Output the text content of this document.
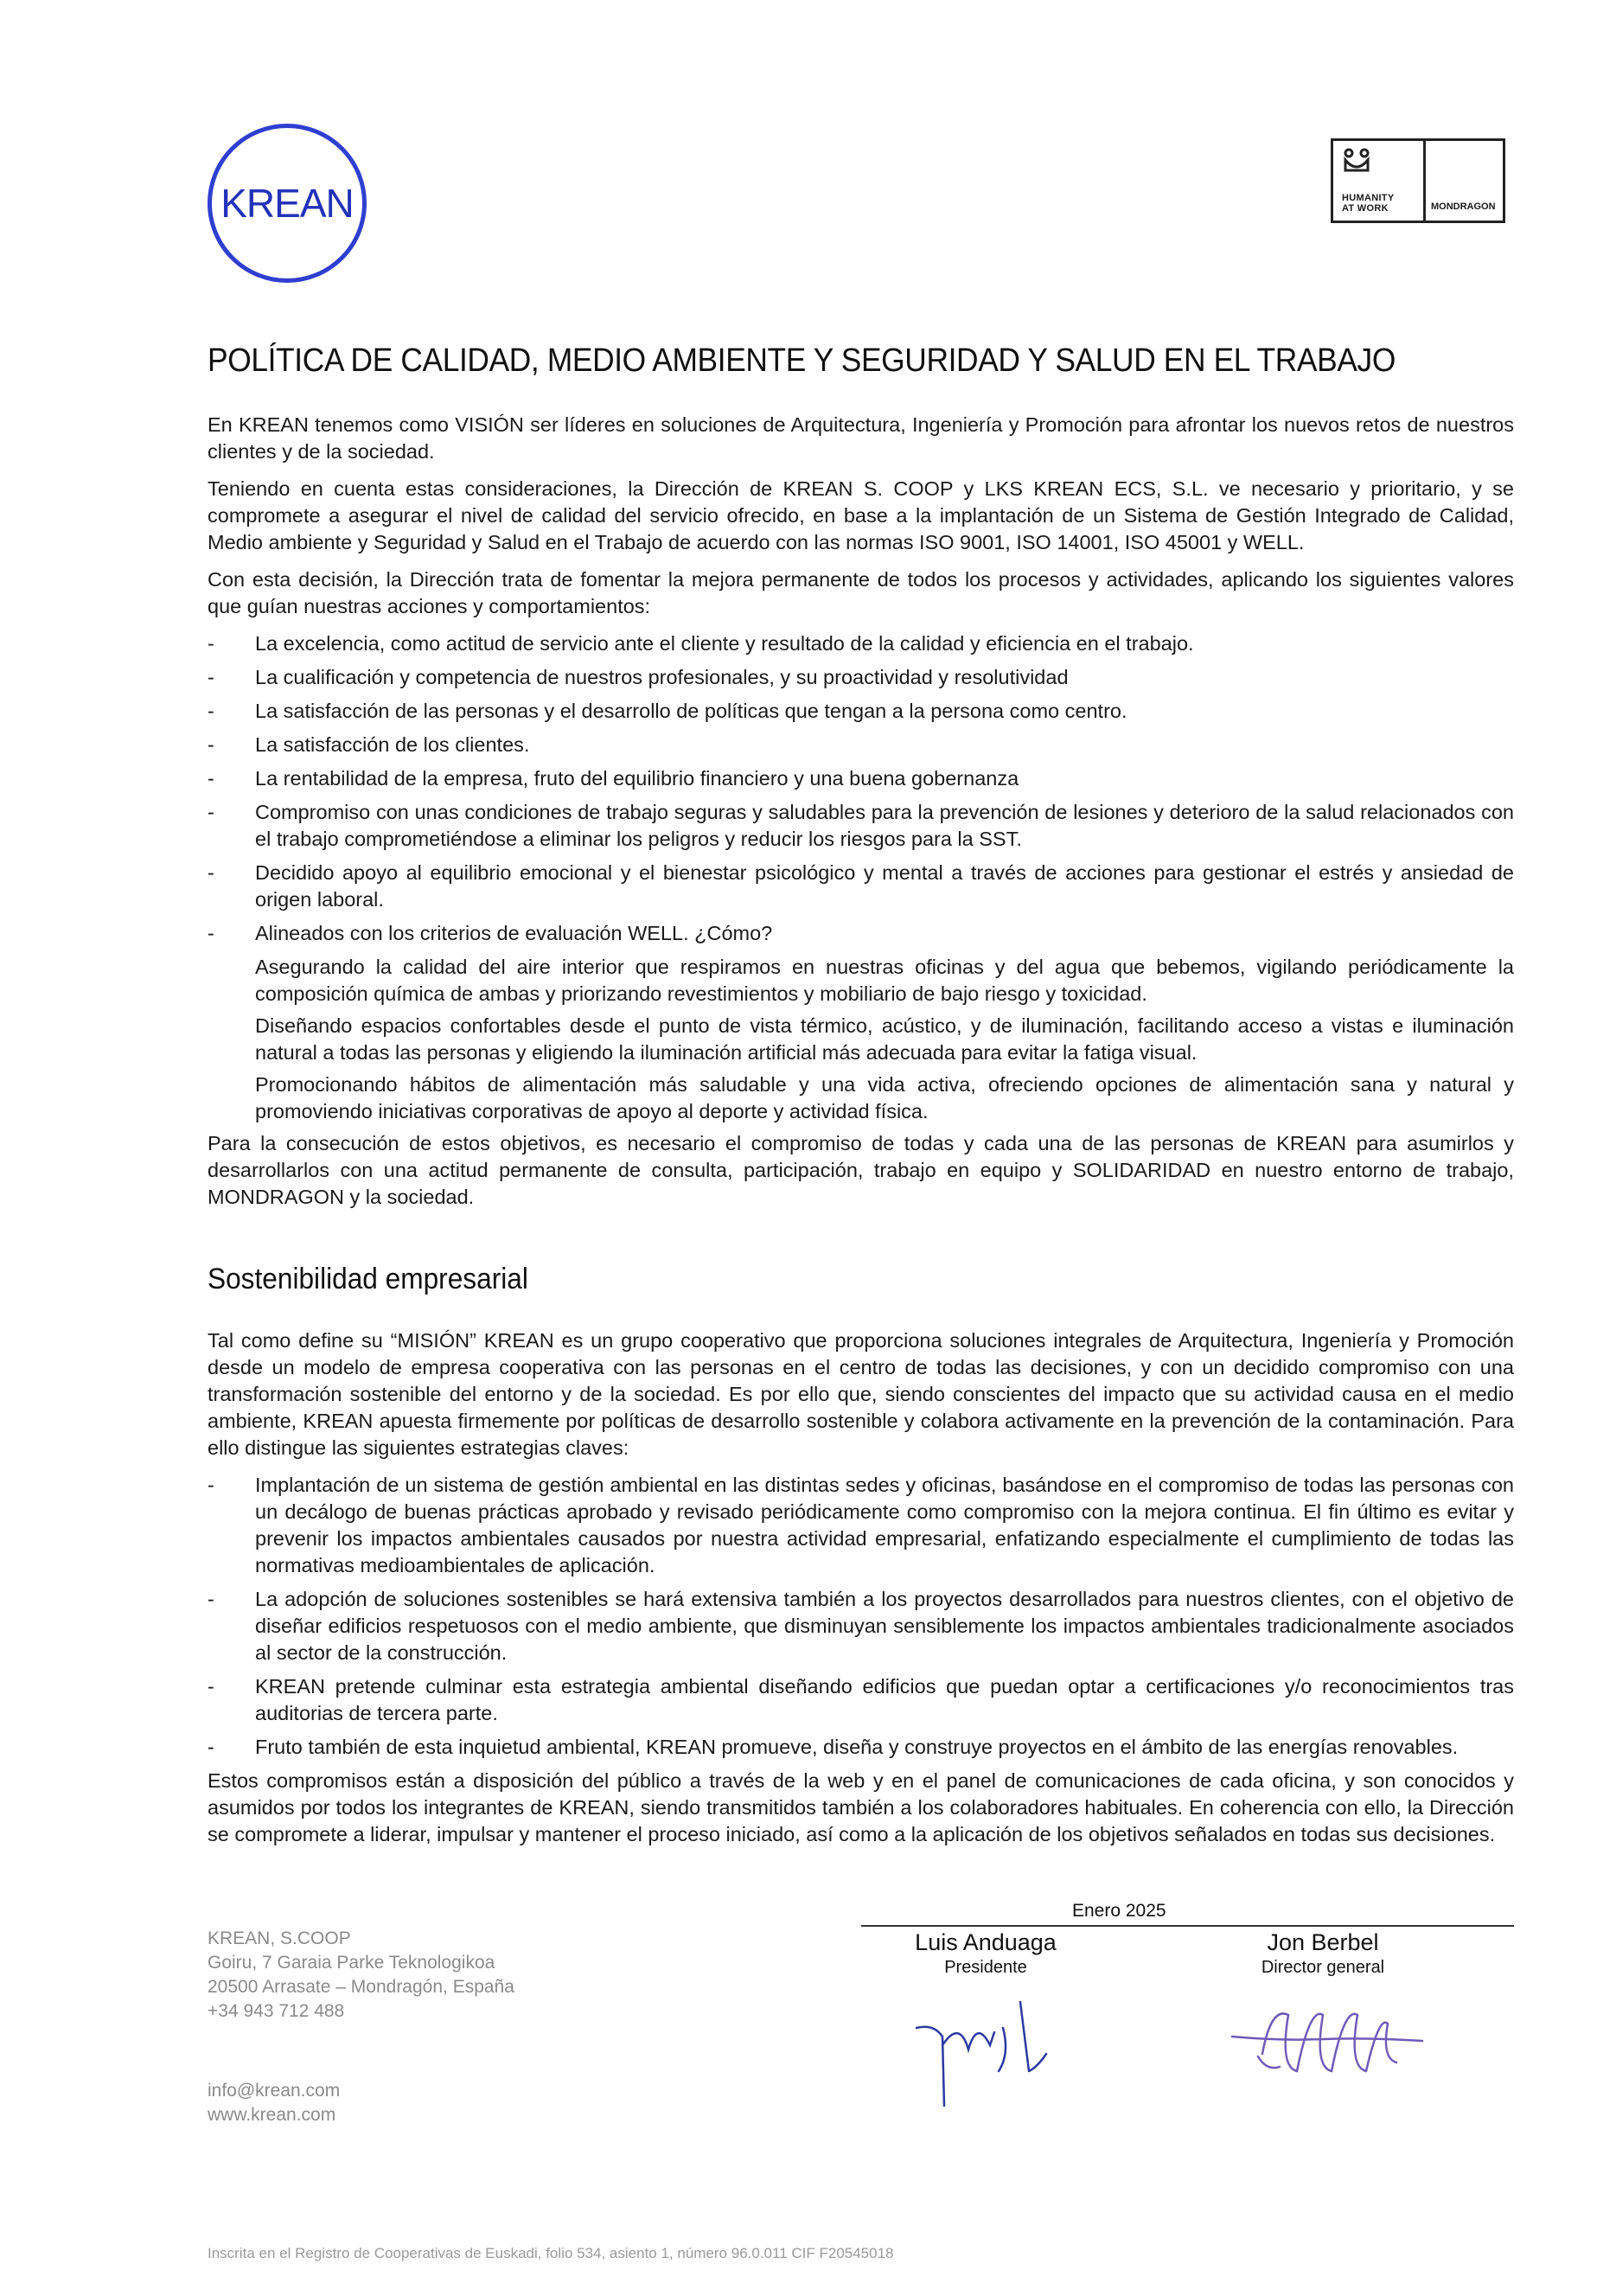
KREAN	HUMANITY
AT WORK	MONDRAGON
POLÍTICA DE CALIDAD, MEDIO AMBIENTE Y SEGURIDAD Y SALUD EN EL TRABAJO

En KREAN tenemos como VISIÓN ser líderes en soluciones de Arquitectura, Ingeniería y Promoción para afrontar los nuevos retos de nuestros clientes y de la sociedad.

Teniendo en cuenta estas consideraciones, la Dirección de KREAN S. COOP y LKS KREAN ECS, S.L. ve necesario y prioritario, y se compromete a asegurar el nivel de calidad del servicio ofrecido, en base a la implantación de un Sistema de Gestión Integrado de Calidad, Medio ambiente y Seguridad y Salud en el Trabajo de acuerdo con las normas ISO 9001, ISO 14001, ISO 45001 y WELL.

Con esta decisión, la Dirección trata de fomentar la mejora permanente de todos los procesos y actividades, aplicando los siguientes valores que guían nuestras acciones y comportamientos:

- La excelencia, como actitud de servicio ante el cliente y resultado de la calidad y eficiencia en el trabajo.
- La cualificación y competencia de nuestros profesionales, y su proactividad y resolutividad
- La satisfacción de las personas y el desarrollo de políticas que tengan a la persona como centro.
- La satisfacción de los clientes.
- La rentabilidad de la empresa, fruto del equilibrio financiero y una buena gobernanza
- Compromiso con unas condiciones de trabajo seguras y saludables para la prevención de lesiones y deterioro de la salud relacionados con el trabajo comprometiéndose a eliminar los peligros y reducir los riesgos para la SST.
- Decidido apoyo al equilibrio emocional y el bienestar psicológico y mental a través de acciones para gestionar el estrés y ansiedad de origen laboral.
- Alineados con los criterios de evaluación WELL. ¿Cómo?

Asegurando la calidad del aire interior que respiramos en nuestras oficinas y del agua que bebemos, vigilando periódicamente la composición química de ambas y priorizando revestimientos y mobiliario de bajo riesgo y toxicidad.

Diseñando espacios confortables desde el punto de vista térmico, acústico, y de iluminación, facilitando acceso a vistas e iluminación natural a todas las personas y eligiendo la iluminación artificial más adecuada para evitar la fatiga visual.

Promocionando hábitos de alimentación más saludable y una vida activa, ofreciendo opciones de alimentación sana y natural y promoviendo iniciativas corporativas de apoyo al deporte y actividad física.

Para la consecución de estos objetivos, es necesario el compromiso de todas y cada una de las personas de KREAN para asumirlos y desarrollarlos con una actitud permanente de consulta, participación, trabajo en equipo y SOLIDARIDAD en nuestro entorno de trabajo, MONDRAGON y la sociedad.

Sostenibilidad empresarial

Tal como define su “MISIÓN” KREAN es un grupo cooperativo que proporciona soluciones integrales de Arquitectura, Ingeniería y Promoción desde un modelo de empresa cooperativa con las personas en el centro de todas las decisiones, y con un decidido compromiso con una transformación sostenible del entorno y de la sociedad. Es por ello que, siendo conscientes del impacto que su actividad causa en el medio ambiente, KREAN apuesta firmemente por políticas de desarrollo sostenible y colabora activamente en la prevención de la contaminación. Para ello distingue las siguientes estrategias claves:

- Implantación de un sistema de gestión ambiental en las distintas sedes y oficinas, basándose en el compromiso de todas las personas con un decálogo de buenas prácticas aprobado y revisado periódicamente como compromiso con la mejora continua. El fin último es evitar y prevenir los impactos ambientales causados por nuestra actividad empresarial, enfatizando especialmente el cumplimiento de todas las normativas medioambientales de aplicación.
- La adopción de soluciones sostenibles se hará extensiva también a los proyectos desarrollados para nuestros clientes, con el objetivo de diseñar edificios respetuosos con el medio ambiente, que disminuyan sensiblemente los impactos ambientales tradicionalmente asociados al sector de la construcción.
- KREAN pretende culminar esta estrategia ambiental diseñando edificios que puedan optar a certificaciones y/o reconocimientos tras auditorias de tercera parte.
- Fruto también de esta inquietud ambiental, KREAN promueve, diseña y construye proyectos en el ámbito de las energías renovables.

Estos compromisos están a disposición del público a través de la web y en el panel de comunicaciones de cada oficina, y son conocidos y asumidos por todos los integrantes de KREAN, siendo transmitidos también a los colaboradores habituales. En coherencia con ello, la Dirección se compromete a liderar, impulsar y mantener el proceso iniciado, así como a la aplicación de los objetivos señalados en todas sus decisiones.

KREAN, S.COOP
Goiru, 7 Garaia Parke Teknologikoa
20500 Arrasate – Mondragón, España
+34 943 712 488
info@krean.com
www.krean.com
Enero 2025
Luis Anduaga
Presidente
Jon Berbel
Director general
Inscrita en el Registro de Cooperativas de Euskadi, folio 534, asiento 1, número 96.0.011 CIF F20545018
